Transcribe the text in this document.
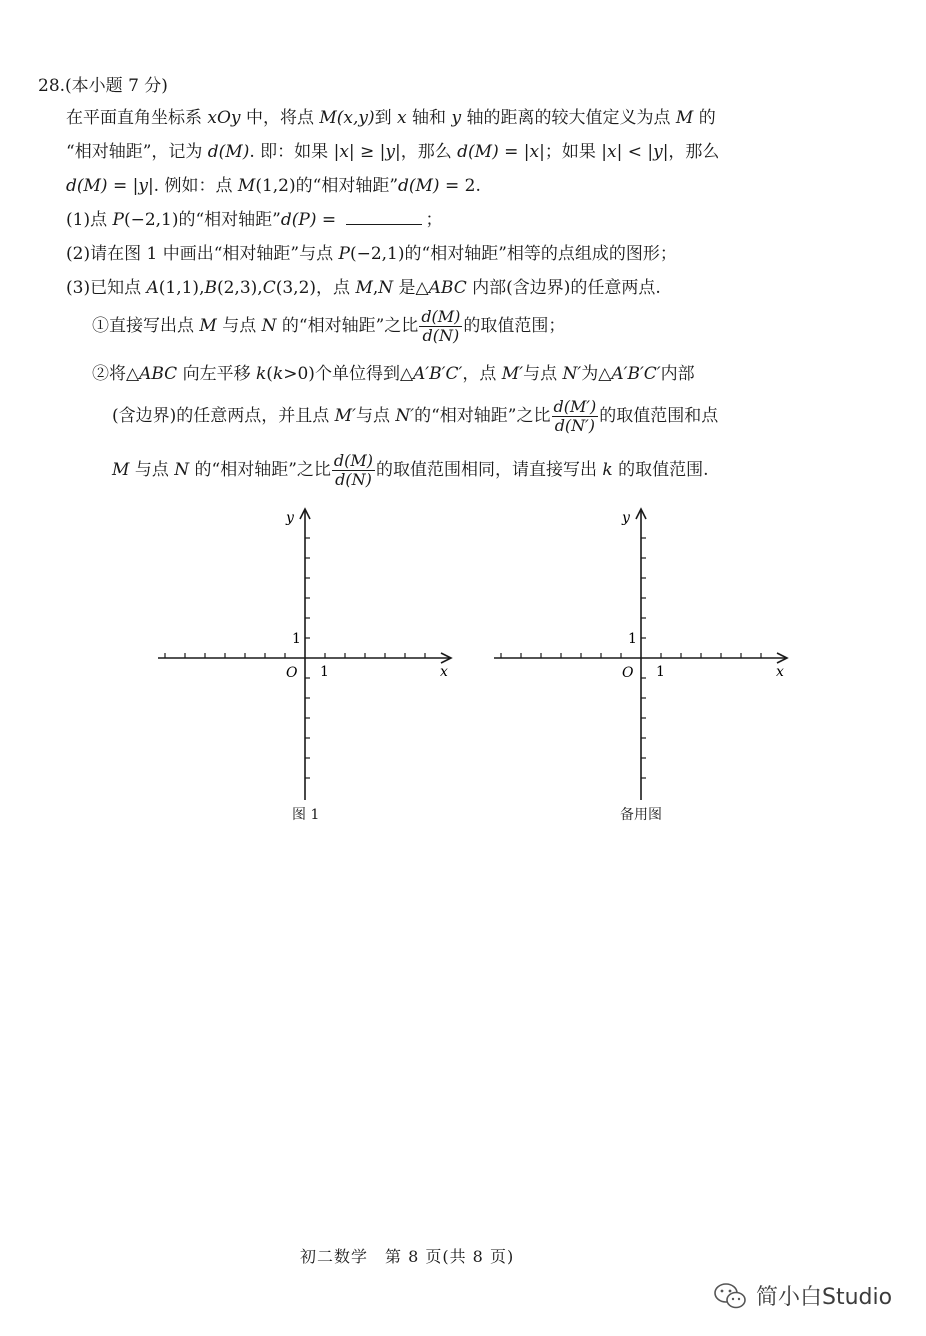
28.(本小题 7 分)
在平面直角坐标系 xOy 中，将点 M(x,y)到 x 轴和 y 轴的距离的较大值定义为点 M 的
“相对轴距”，记为 d(M). 即：如果 |x| ≥ |y|，那么 d(M) = |x|；如果 |x| < |y|，那么
d(M) = |y|. 例如：点 M(1,2)的“相对轴距”d(M) = 2.
(1)点 P(−2,1)的“相对轴距”d(P) =	；
(2)请在图 1 中画出“相对轴距”与点 P(−2,1)的“相对轴距”相等的点组成的图形；
(3)已知点 A(1,1),B(2,3),C(3,2)，点 M,N 是△ABC 内部(含边界)的任意两点.
①直接写出点 M 与点 N 的“相对轴距”之比 $\frac{d(M)}{d(N)}$ 的取值范围；
②将△ABC 向左平移 k(k>0)个单位得到△A′B′C′，点 M′与点 N′为△A′B′C′内部
(含边界)的任意两点，并且点 M′与点 N′的“相对轴距”之比 $\frac{d(M')}{d(N')}$ 的取值范围和点
M 与点 N 的“相对轴距”之比 $\frac{d(M)}{d(N)}$ 的取值范围相同，请直接写出 k 的取值范围.
x
y
O 1
1
图 1
x
y
O 1
1
备用图
初二数学　第 8 页(共 8 页)
简小白Studio
